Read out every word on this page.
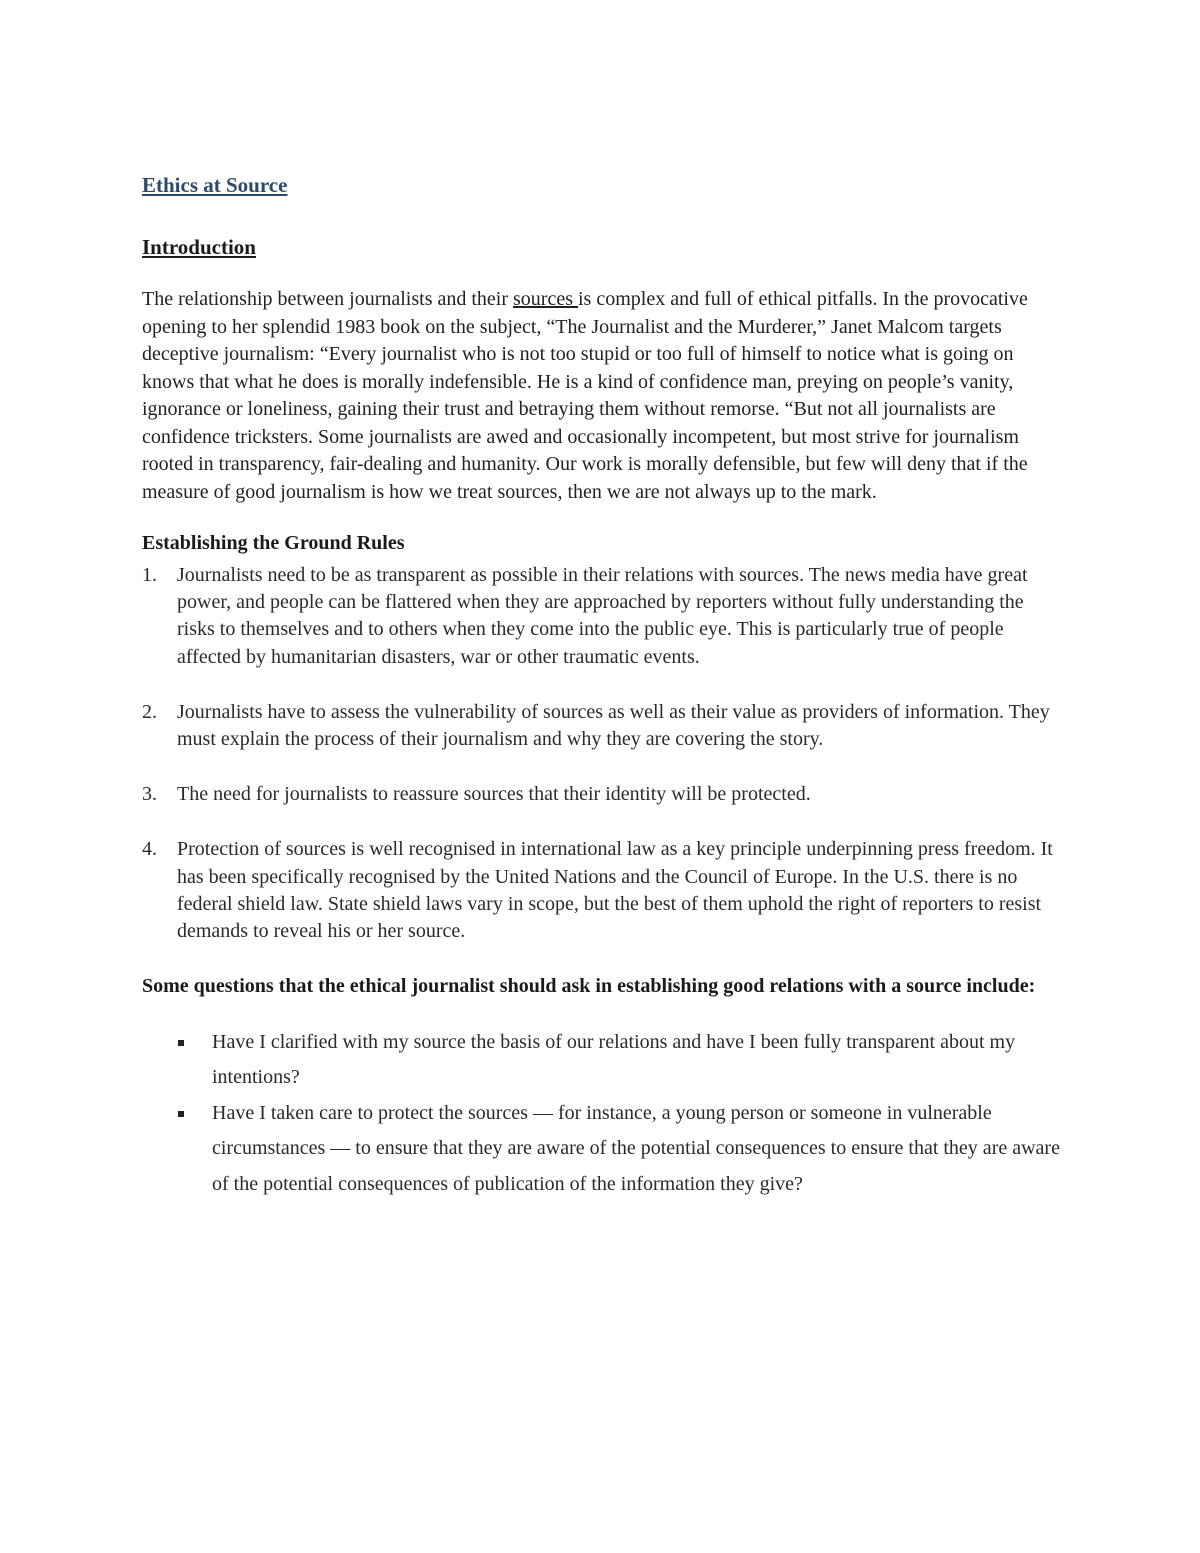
Ethics at Source
Introduction

The relationship between journalists and their sources is complex and full of ethical pitfalls. In the provocative opening to her splendid 1983 book on the subject, “The Journalist and the Murderer,” Janet Malcom targets deceptive journalism: “Every journalist who is not too stupid or too full of himself to notice what is going on knows that what he does is morally indefensible. He is a kind of confidence man, preying on people’s vanity, ignorance or loneliness, gaining their trust and betraying them without remorse. “But not all journalists are confidence tricksters. Some journalists are awed and occasionally incompetent, but most strive for journalism rooted in transparency, fair-dealing and humanity. Our work is morally defensible, but few will deny that if the measure of good journalism is how we treat sources, then we are not always up to the mark.

Establishing the Ground Rules
1. Journalists need to be as transparent as possible in their relations with sources. The news media have great power, and people can be flattered when they are approached by reporters without fully understanding the risks to themselves and to others when they come into the public eye. This is particularly true of people affected by humanitarian disasters, war or other traumatic events.
2. Journalists have to assess the vulnerability of sources as well as their value as providers of information. They must explain the process of their journalism and why they are covering the story.
3. The need for journalists to reassure sources that their identity will be protected.
4. Protection of sources is well recognised in international law as a key principle underpinning press freedom. It has been specifically recognised by the United Nations and the Council of Europe. In the U.S. there is no federal shield law. State shield laws vary in scope, but the best of them uphold the right of reporters to resist demands to reveal his or her source.

Some questions that the ethical journalist should ask in establishing good relations with a source include:

Have I clarified with my source the basis of our relations and have I been fully transparent about my intentions?
Have I taken care to protect the sources — for instance, a young person or someone in vulnerable circumstances — to ensure that they are aware of the potential consequences to ensure that they are aware of the potential consequences of publication of the information they give?
